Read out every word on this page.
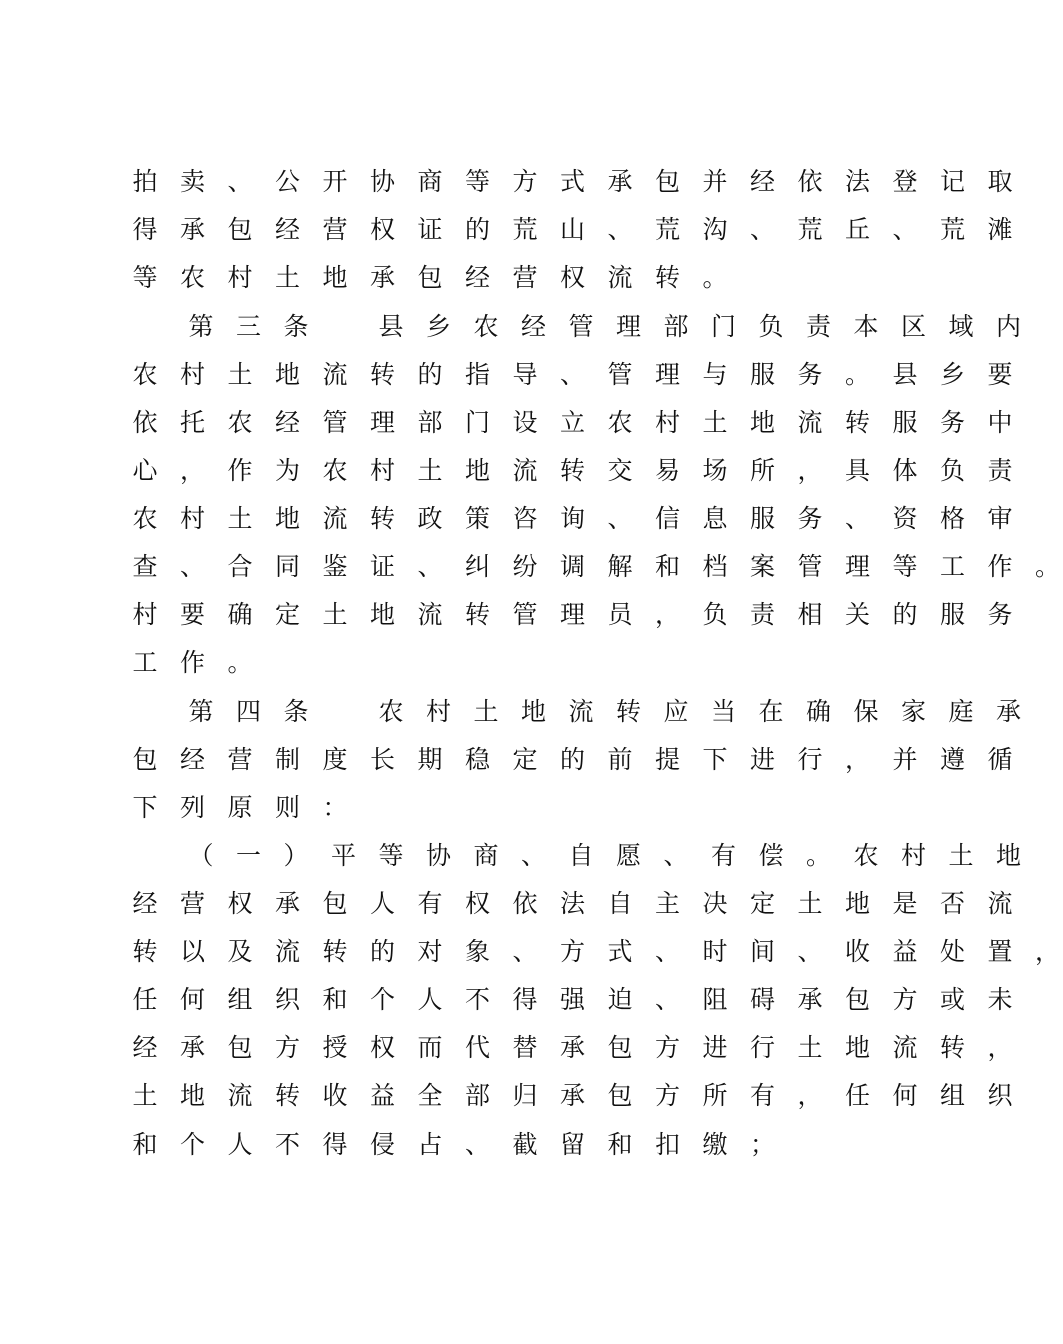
拍 卖 、 公 开 协 商 等 方 式 承 包 并 经 依 法 登 记 取
得 承 包 经 营 权 证 的 荒 山 、 荒 沟 、 荒 丘 、 荒 滩
等 农 村 土 地 承 包 经 营 权 流 转 。
第 三 条
　	县 乡 农 经 管 理 部 门 负 责 本 区 域 内
农 村 土 地 流 转 的 指 导 、 管 理 与 服 务 。 县 乡 要
依 托 农 经 管 理 部 门 设 立 农 村 土 地 流 转 服 务 中
心 ， 作 为 农 村 土 地 流 转 交 易 场 所 ， 具 体 负 责
农 村 土 地 流 转 政 策 咨 询 、 信 息 服 务 、 资 格 审
查 、 合 同 鉴 证 、 纠 纷 调 解 和 档 案 管 理 等 工 作 。
村 要 确 定 土 地 流 转 管 理 员 ， 负 责 相 关 的 服 务
工 作 。
第 四 条
　	农 村 土 地 流 转 应 当 在 确 保 家 庭 承
包 经 营 制 度 长 期 稳 定 的 前 提 下 进 行 ， 并 遵 循
下 列 原 则 ：
（ 一 ） 平 等 协 商 、 自 愿 、 有 偿 。 农 村 土 地
经 营 权 承 包 人 有 权 依 法 自 主 决 定 土 地 是 否 流
转 以 及 流 转 的 对 象 、 方 式 、 时 间 、 收 益 处 置 ，
任 何 组 织 和 个 人 不 得 强 迫 、 阻 碍 承 包 方 或 未
经 承 包 方 授 权 而 代 替 承 包 方 进 行 土 地 流 转 ，
土 地 流 转 收 益 全 部 归 承 包 方 所 有 ， 任 何 组 织
和 个 人 不 得 侵 占 、 截 留 和 扣 缴 ；
